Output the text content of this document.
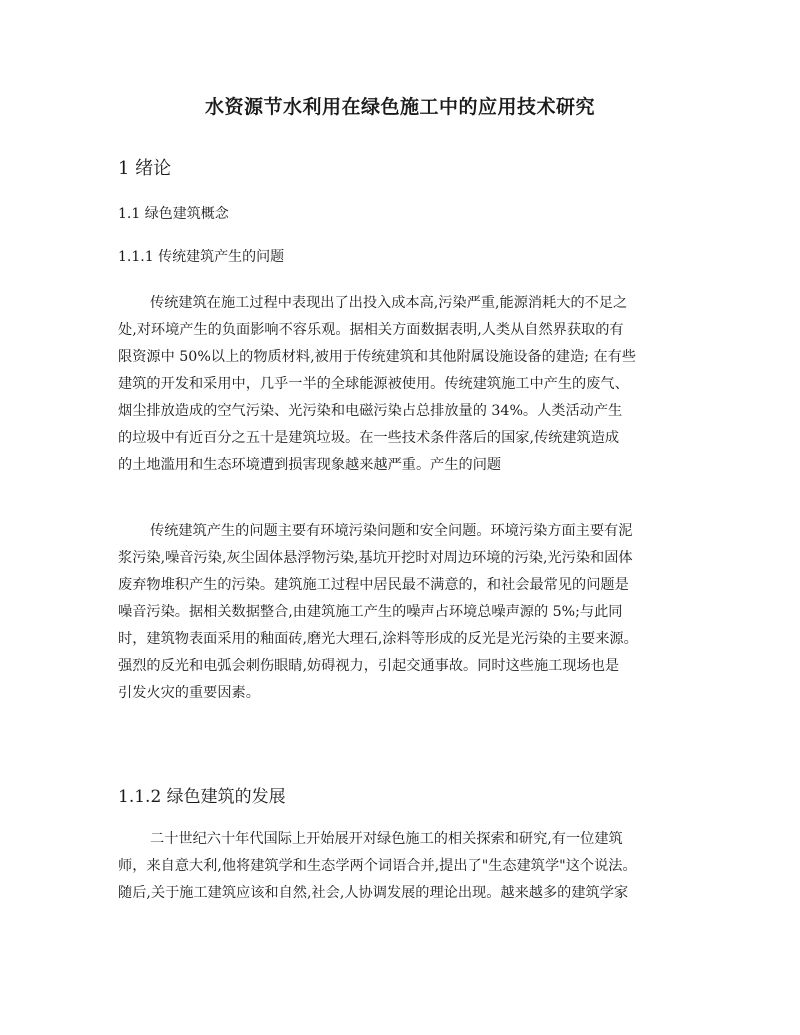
水资源节水利用在绿色施工中的应用技术研究
1 绪论
1.1 绿色建筑概念
1.1.1 传统建筑产生的问题
传统建筑在施工过程中表现出了出投入成本高,污染严重,能源消耗大的不足之
处,对环境产生的负面影响不容乐观。据相关方面数据表明,人类从自然界获取的有
限资源中 50%以上的物质材料,被用于传统建筑和其他附属设施设备的建造; 在有些
建筑的开发和采用中，几乎一半的全球能源被使用。传统建筑施工中产生的废气、
烟尘排放造成的空气污染、光污染和电磁污染占总排放量的 34%。人类活动产生
的垃圾中有近百分之五十是建筑垃圾。在一些技术条件落后的国家,传统建筑造成
的土地滥用和生态环境遭到损害现象越来越严重。产生的问题
传统建筑产生的问题主要有环境污染问题和安全问题。环境污染方面主要有泥
浆污染,噪音污染,灰尘固体悬浮物污染,基坑开挖时对周边环境的污染,光污染和固体
废弃物堆积产生的污染。建筑施工过程中居民最不满意的，和社会最常见的问题是
噪音污染。据相关数据整合,由建筑施工产生的噪声占环境总噪声源的 5%;与此同
时，建筑物表面采用的釉面砖,磨光大理石,涂料等形成的反光是光污染的主要来源。
强烈的反光和电弧会刺伤眼睛,妨碍视力，引起交通事故。同时这些施工现场也是
引发火灾的重要因素。
1.1.2 绿色建筑的发展
二十世纪六十年代国际上开始展开对绿色施工的相关探索和研究,有一位建筑
师，来自意大利,他将建筑学和生态学两个词语合并,提出了"生态建筑学"这个说法。
随后,关于施工建筑应该和自然,社会,人协调发展的理论出现。越来越多的建筑学家
